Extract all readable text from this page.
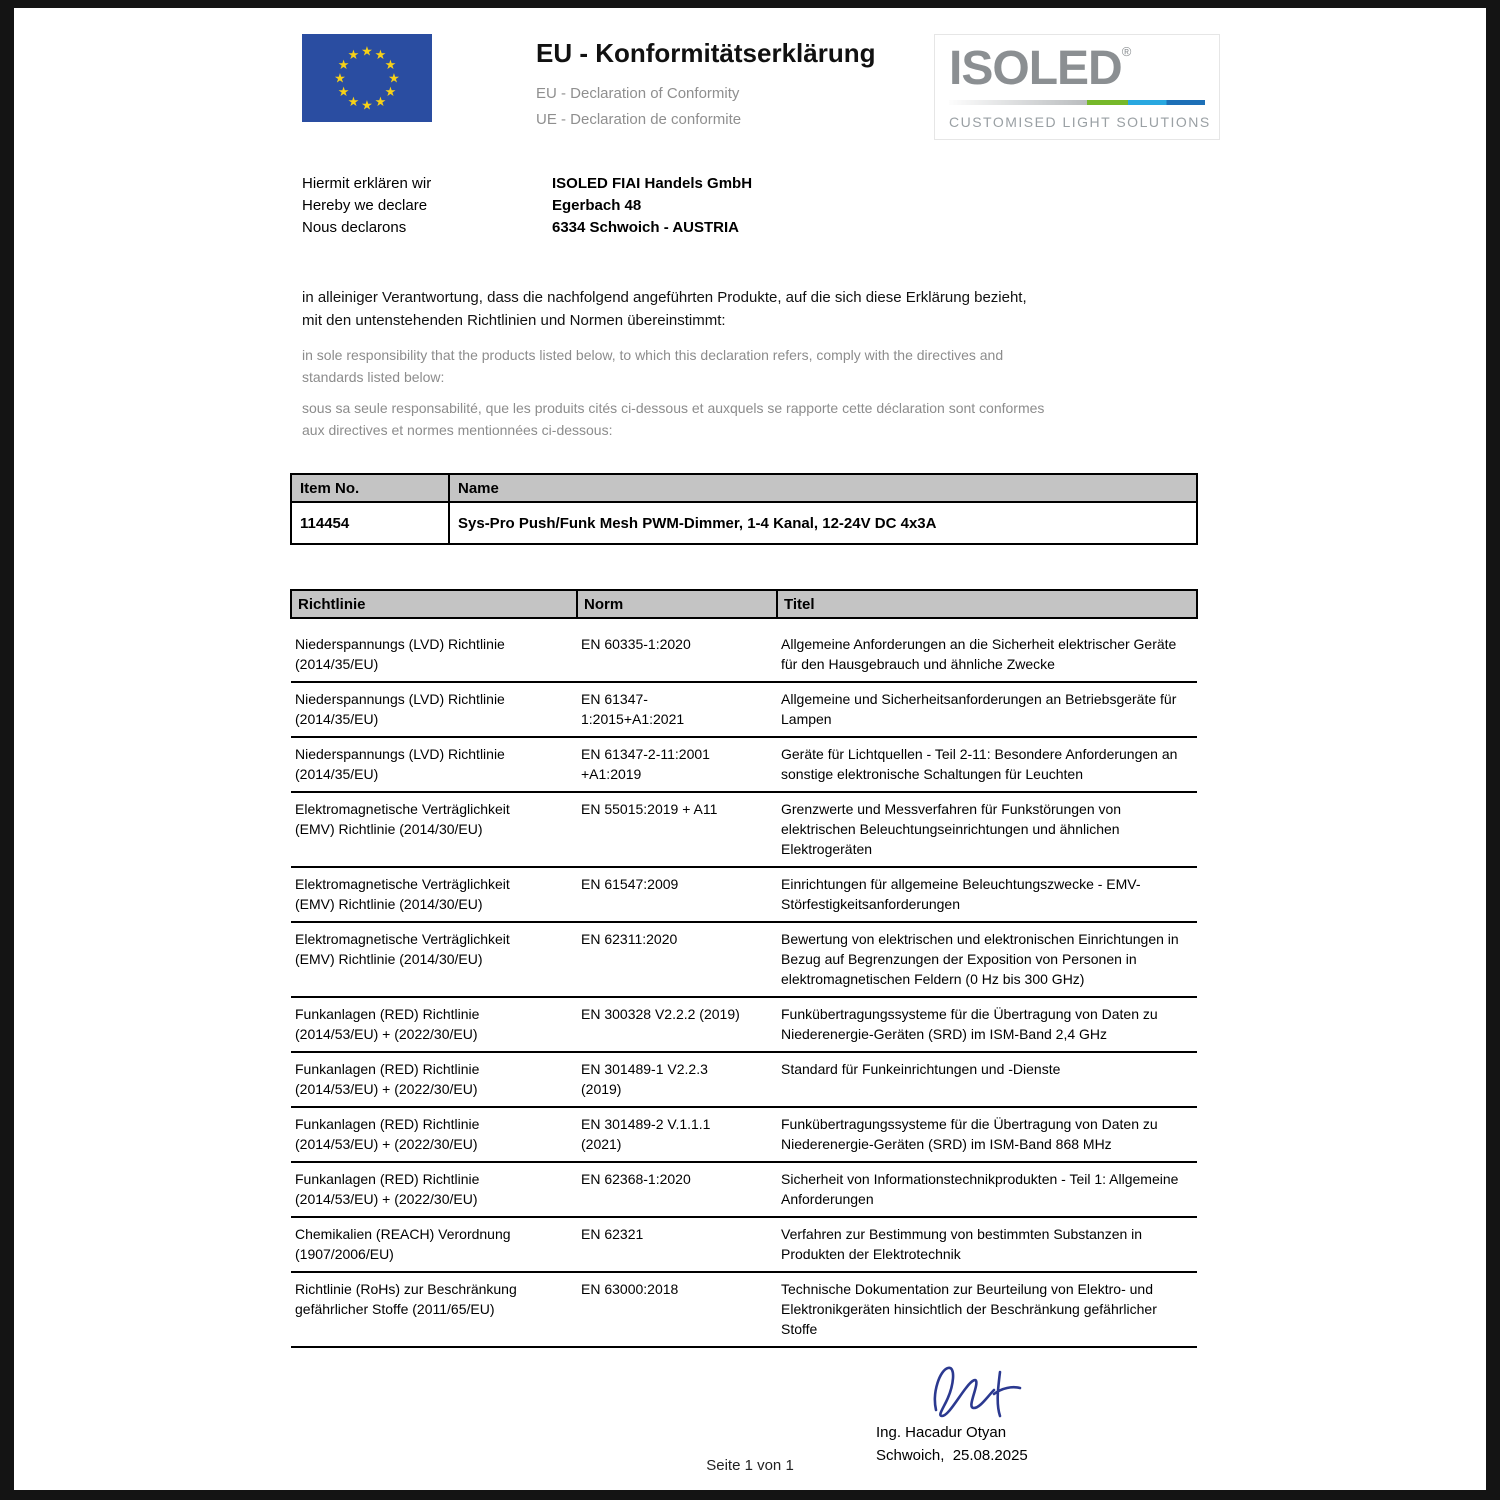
★ ★
★
★
★
★
★
★
★
★
★
★	EU - Konformitätserklärung

EU - Declaration of Conformity

UE - Declaration de conformite

ISOLED®
CUSTOMISED LIGHT SOLUTIONS

Hiermit erklären wir

Hereby we declare

Nous declarons

ISOLED FIAI Handels GmbH

Egerbach 48

6334 Schwoich - AUSTRIA

in alleiniger Verantwortung, dass die nachfolgend angeführten Produkte, auf die sich diese Erklärung bezieht, mit den untenstehenden Richtlinien und Normen übereinstimmt:

in sole responsibility that the products listed below, to which this declaration refers, comply with the directives and standards listed below:

sous sa seule responsabilité, que les produits cités ci-dessous et auxquels se rapporte cette déclaration sont conformes aux directives et normes mentionnées ci-dessous:

Item No.	Name
114454	Sys-Pro Push/Funk Mesh PWM-Dimmer, 1-4 Kanal, 12-24V DC 4x3A
Richtlinie	Norm	Titel
Niederspannungs (LVD) Richtlinie (2014/35/EU)	EN 60335-1:2020	Allgemeine Anforderungen an die Sicherheit elektrischer Geräte für den Hausgebrauch und ähnliche Zwecke
Niederspannungs (LVD) Richtlinie (2014/35/EU)	EN 61347-1:2015+A1:2021	Allgemeine und Sicherheitsanforderungen an Betriebsgeräte für Lampen
Niederspannungs (LVD) Richtlinie (2014/35/EU)	EN 61347-2-11:2001 +A1:2019	Geräte für Lichtquellen - Teil 2-11: Besondere Anforderungen an sonstige elektronische Schaltungen für Leuchten
Elektromagnetische Verträglichkeit (EMV) Richtlinie (2014/30/EU)	EN 55015:2019 + A11	Grenzwerte und Messverfahren für Funkstörungen von elektrischen Beleuchtungseinrichtungen und ähnlichen Elektrogeräten
Elektromagnetische Verträglichkeit (EMV) Richtlinie (2014/30/EU)	EN 61547:2009	Einrichtungen für allgemeine Beleuchtungszwecke - EMV-Störfestigkeitsanforderungen
Elektromagnetische Verträglichkeit (EMV) Richtlinie (2014/30/EU)	EN 62311:2020	Bewertung von elektrischen und elektronischen Einrichtungen in Bezug auf Begrenzungen der Exposition von Personen in elektromagnetischen Feldern (0 Hz bis 300 GHz)
Funkanlagen (RED) Richtlinie (2014/53/EU) + (2022/30/EU)	EN 300328 V2.2.2 (2019)	Funkübertragungssysteme für die Übertragung von Daten zu Niederenergie-Geräten (SRD) im ISM-Band 2,4 GHz
Funkanlagen (RED) Richtlinie (2014/53/EU) + (2022/30/EU)	EN 301489-1 V2.2.3 (2019)	Standard für Funkeinrichtungen und -Dienste
Funkanlagen (RED) Richtlinie (2014/53/EU) + (2022/30/EU)	EN 301489-2 V.1.1.1 (2021)	Funkübertragungssysteme für die Übertragung von Daten zu Niederenergie-Geräten (SRD) im ISM-Band 868 MHz
Funkanlagen (RED) Richtlinie (2014/53/EU) + (2022/30/EU)	EN 62368-1:2020	Sicherheit von Informationstechnikprodukten - Teil 1: Allgemeine Anforderungen
Chemikalien (REACH) Verordnung (1907/2006/EU)	EN 62321	Verfahren zur Bestimmung von bestimmten Substanzen in Produkten der Elektrotechnik
Richtlinie (RoHs) zur Beschränkung gefährlicher Stoffe (2011/65/EU)	EN 63000:2018	Technische Dokumentation zur Beurteilung von Elektro- und Elektronikgeräten hinsichtlich der Beschränkung gefährlicher Stoffe

Ing. Hacadur Otyan

Schwoich,  25.08.2025

Seite 1 von 1
